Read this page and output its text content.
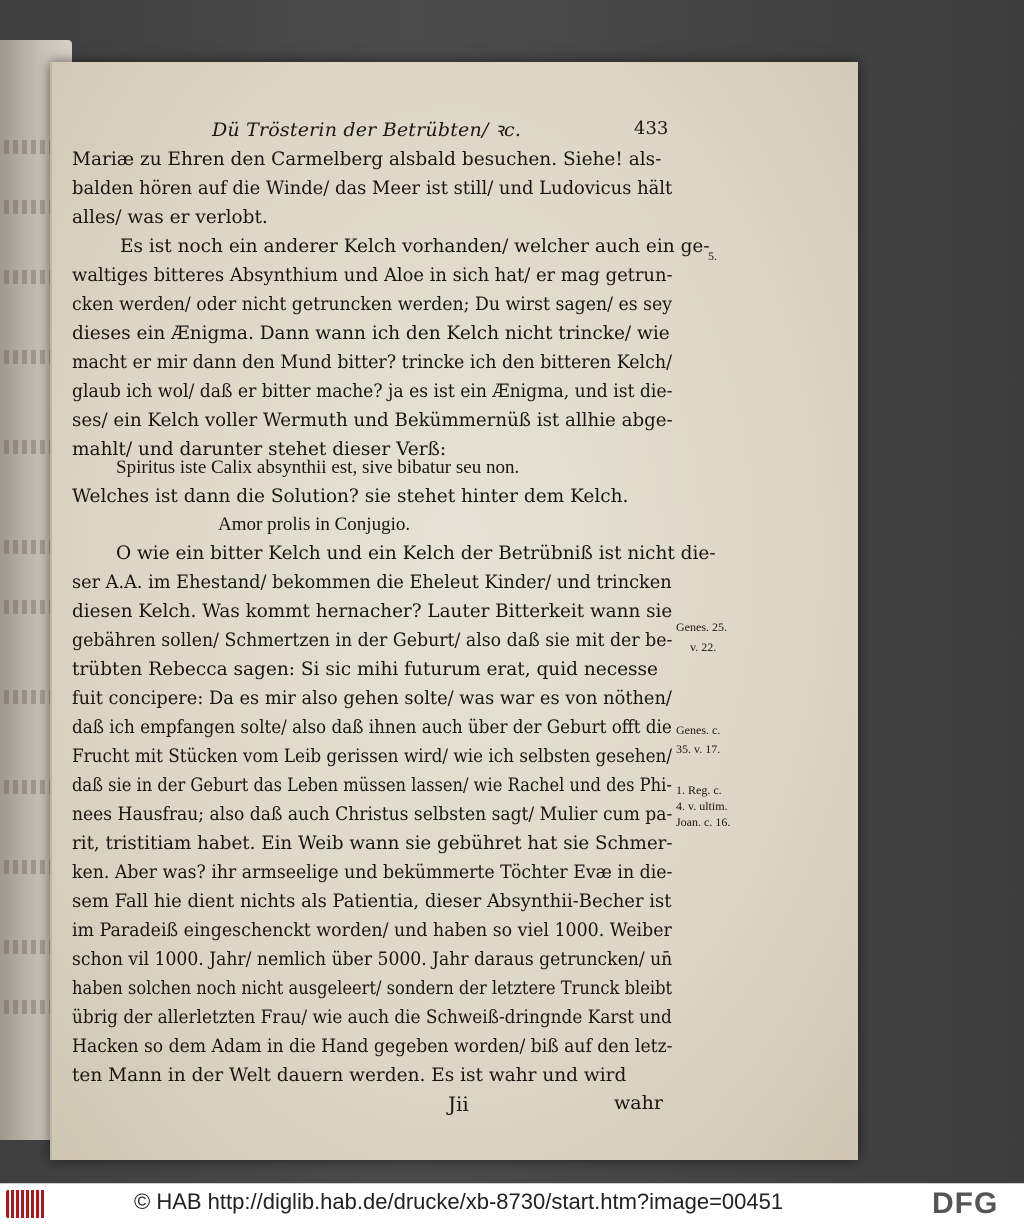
Dü Trösterin der Betrübten/ ꝛc.	433
Mariæ zu Ehren den Carmelberg alsbald besuchen. Siehe! als-
balden hören auf die Winde/ das Meer ist still/ und Ludovicus hält
alles/ was er verlobt.
Es ist noch ein anderer Kelch vorhanden/ welcher auch ein ge-
waltiges bitteres Absynthium und Aloe in sich hat/ er mag getrun-
cken werden/ oder nicht getruncken werden; Du wirst sagen/ es sey
dieses ein Ænigma. Dann wann ich den Kelch nicht trincke/ wie
macht er mir dann den Mund bitter? trincke ich den bitteren Kelch/
glaub ich wol/ daß er bitter mache? ja es ist ein Ænigma, und ist die-
ses/ ein Kelch voller Wermuth und Bekümmernüß ist allhie abge-
mahlt/ und darunter stehet dieser Verß:
Spiritus iste Calix absynthii est, sive bibatur seu non.
Welches ist dann die Solution? sie stehet hinter dem Kelch.
Amor prolis in Conjugio.
O wie ein bitter Kelch und ein Kelch der Betrübniß ist nicht die-
ser A.A. im Ehestand/ bekommen die Eheleut Kinder/ und trincken
diesen Kelch. Was kommt hernacher? Lauter Bitterkeit wann sie
gebähren sollen/ Schmertzen in der Geburt/ also daß sie mit der be-
trübten Rebecca sagen: Si sic mihi futurum erat, quid necesse
fuit concipere: Da es mir also gehen solte/ was war es von nöthen/
daß ich empfangen solte/ also daß ihnen auch über der Geburt offt die
Frucht mit Stücken vom Leib gerissen wird/ wie ich selbsten gesehen/
daß sie in der Geburt das Leben müssen lassen/ wie Rachel und des Phi-
nees Hausfrau; also daß auch Christus selbsten sagt/ Mulier cum pa-
rit, tristitiam habet. Ein Weib wann sie gebühret hat sie Schmer-
ken. Aber was? ihr armseelige und bekümmerte Töchter Evæ in die-
sem Fall hie dient nichts als Patientia, dieser Absynthii-Becher ist
im Paradeiß eingeschenckt worden/ und haben so viel 1000. Weiber
schon vil 1000. Jahr/ nemlich über 5000. Jahr daraus getruncken/ un̄
haben solchen noch nicht ausgeleert/ sondern der letztere Trunck bleibt
übrig der allerletzten Frau/ wie auch die Schweiß-dringnde Karst und
Hacken so dem Adam in die Hand gegeben worden/ biß auf den letz-
ten Mann in der Welt dauern werden. Es ist wahr und wird
Jii	wahr
5.
Genes. 25.
v. 22.
Genes. c.
35. v. 17.
1. Reg. c.
4. v. ultim.
Joan. c. 16.
© HAB http://diglib.hab.de/drucke/xb-8730/start.htm?image=00451	DFG
